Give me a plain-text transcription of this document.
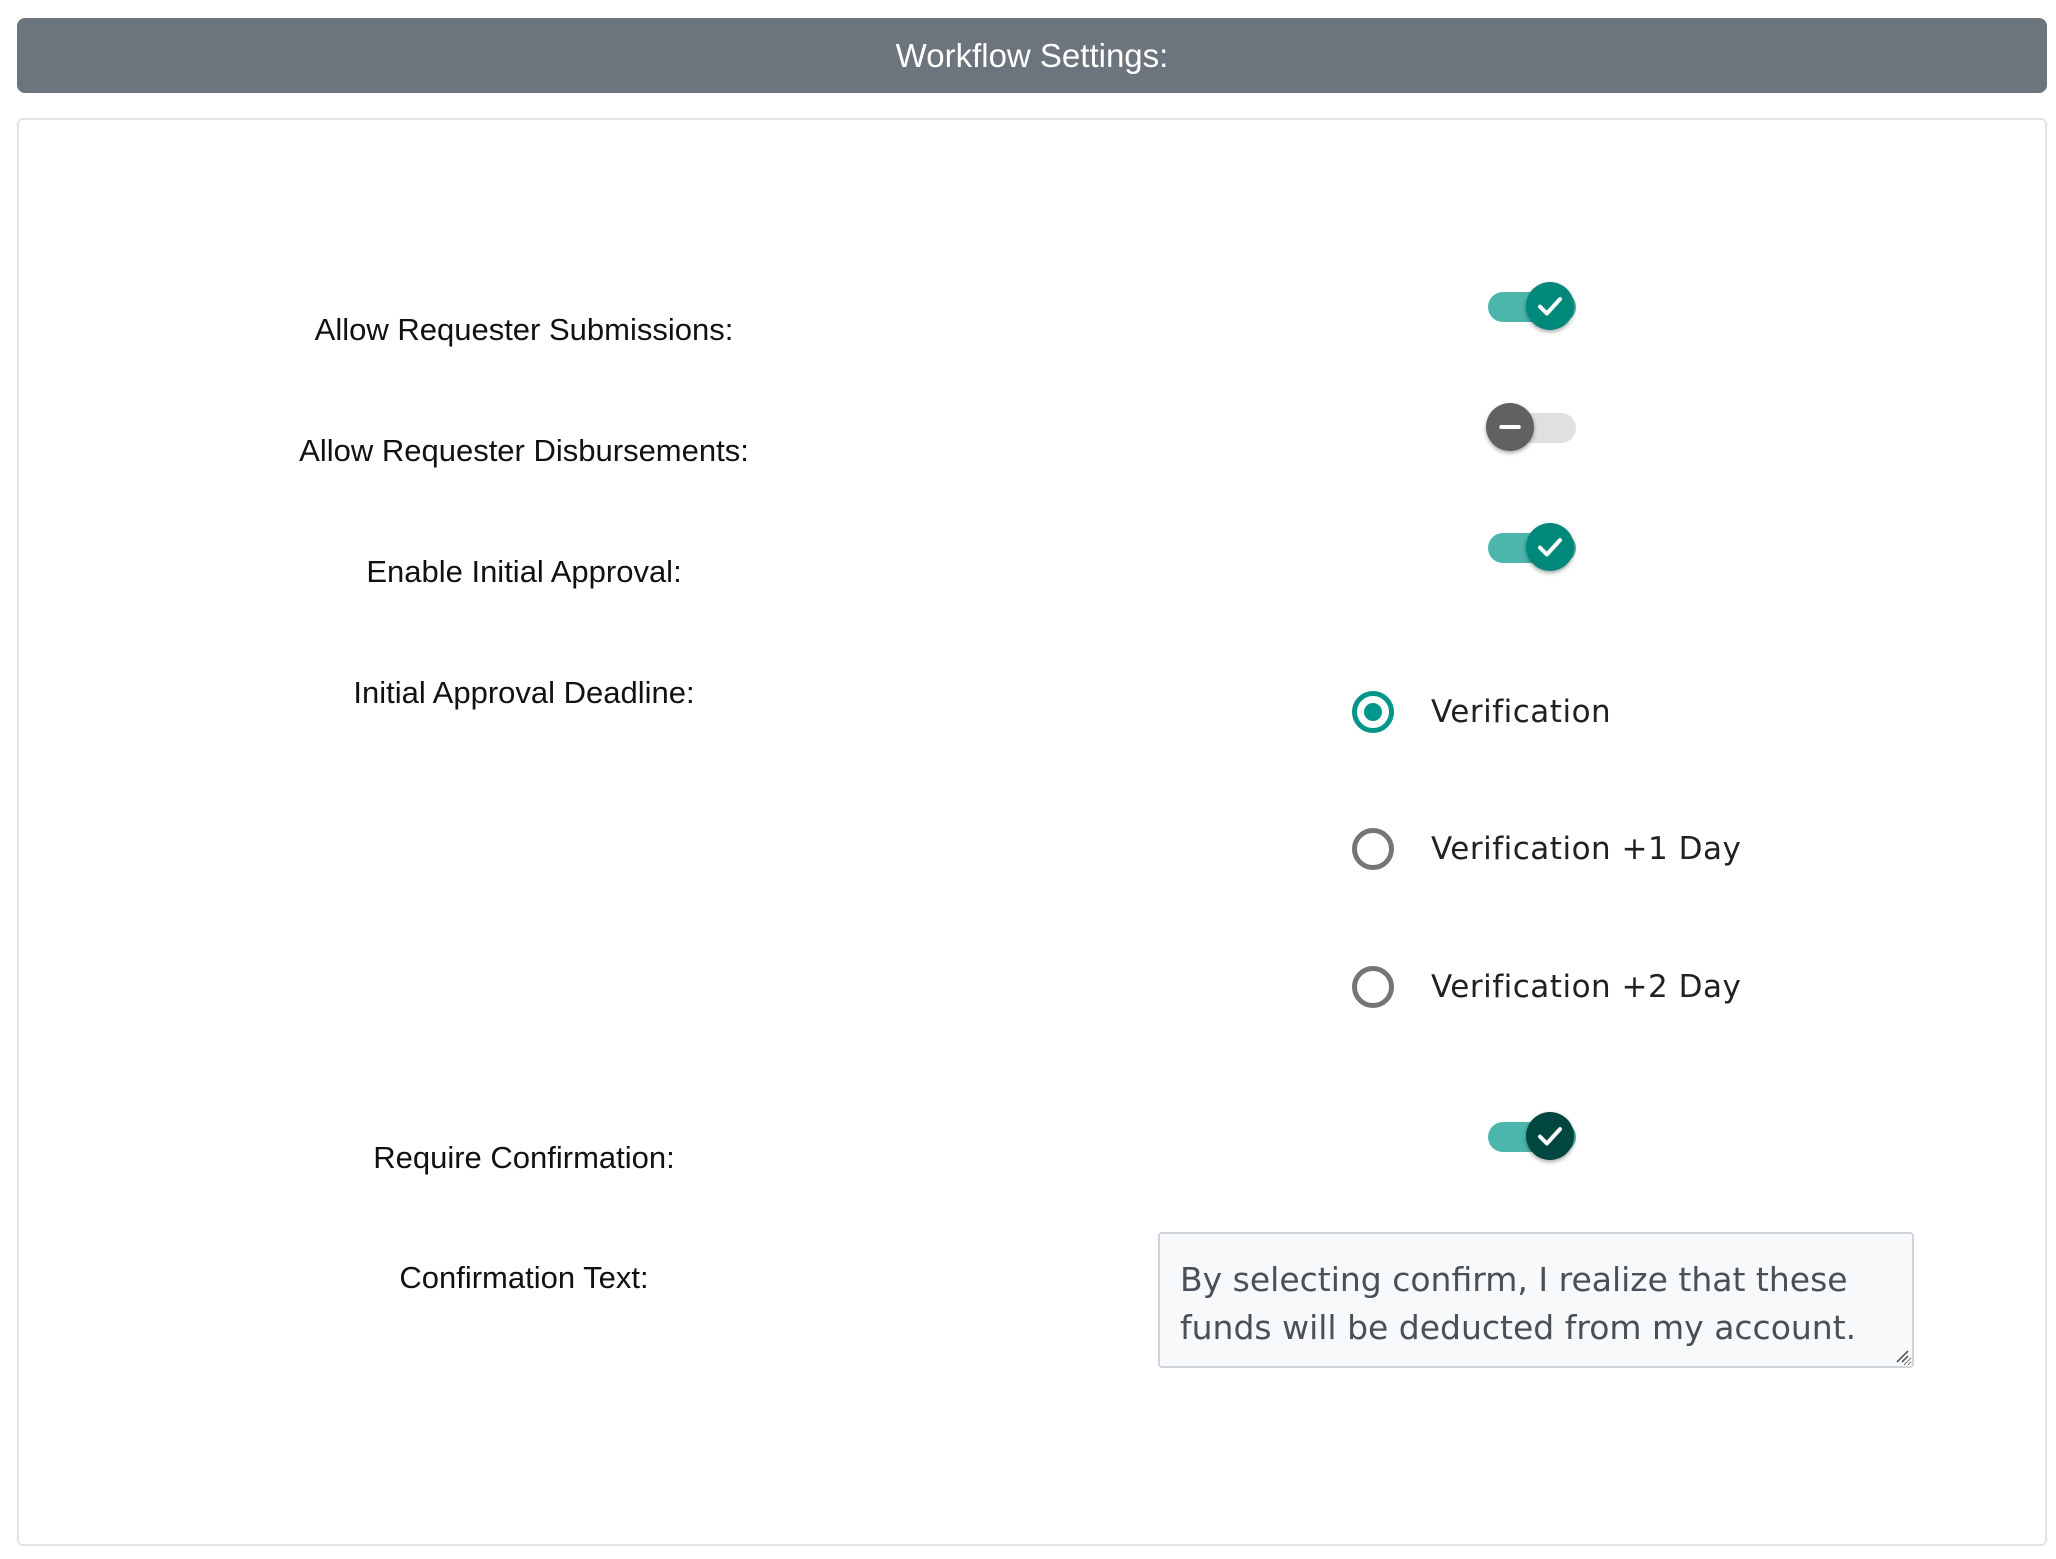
Workflow Settings:
Allow Requester Submissions:
Allow Requester Disbursements:
Enable Initial Approval:
Initial Approval Deadline:
Verification
Verification +1 Day
Verification +2 Day
Require Confirmation:
Confirmation Text:	By selecting confirm, I realize that these funds will be deducted from my account.
